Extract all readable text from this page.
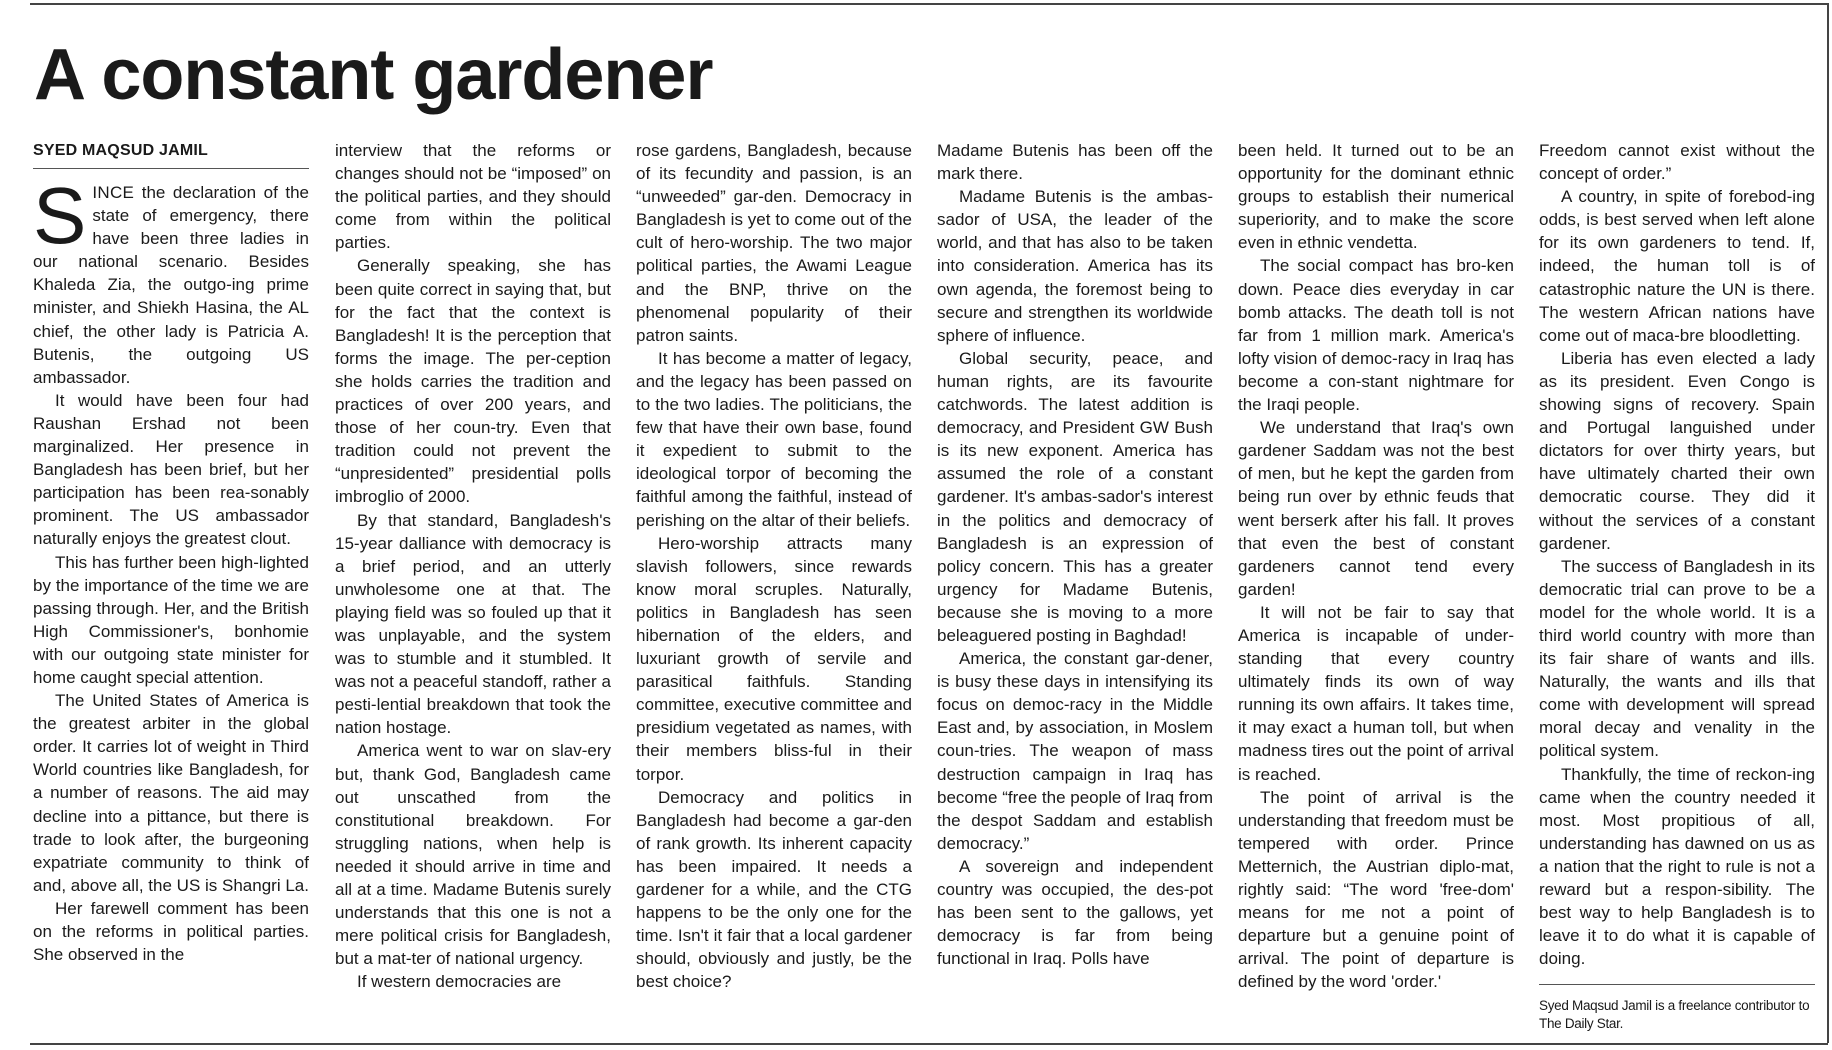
A constant gardener
SYED MAQSUD JAMIL

SINCE the declaration of the state of emergency, there have been three ladies in our national scenario. Besides Khaleda Zia, the outgo-ing prime minister, and Shiekh Hasina, the AL chief, the other lady is Patricia A. Butenis, the outgoing US ambassador.

It would have been four had Raushan Ershad not been marginalized. Her presence in Bangladesh has been brief, but her participation has been rea-sonably prominent. The US ambassador naturally enjoys the greatest clout.

This has further been high-lighted by the importance of the time we are passing through. Her, and the British High Commissioner's, bonhomie with our outgoing state minister for home caught special attention.

The United States of America is the greatest arbiter in the global order. It carries lot of weight in Third World countries like Bangladesh, for a number of reasons. The aid may decline into a pittance, but there is trade to look after, the burgeoning expatriate community to think of and, above all, the US is Shangri La.

Her farewell comment has been on the reforms in political parties. She observed in the

interview that the reforms or changes should not be “imposed” on the political parties, and they should come from within the political parties.

Generally speaking, she has been quite correct in saying that, but for the fact that the context is Bangladesh! It is the perception that forms the image. The per-ception she holds carries the tradition and practices of over 200 years, and those of her coun-try. Even that tradition could not prevent the “unpresidented” presidential polls imbroglio of 2000.

By that standard, Bangladesh's 15-year dalliance with democracy is a brief period, and an utterly unwholesome one at that. The playing field was so fouled up that it was unplayable, and the system was to stumble and it stumbled. It was not a peaceful standoff, rather a pesti-lential breakdown that took the nation hostage.

America went to war on slav-ery but, thank God, Bangladesh came out unscathed from the constitutional breakdown. For struggling nations, when help is needed it should arrive in time and all at a time. Madame Butenis surely understands that this one is not a mere political crisis for Bangladesh, but a mat-ter of national urgency.

If western democracies are

rose gardens, Bangladesh, because of its fecundity and passion, is an “unweeded” gar-den. Democracy in Bangladesh is yet to come out of the cult of hero-worship. The two major political parties, the Awami League and the BNP, thrive on the phenomenal popularity of their patron saints.

It has become a matter of legacy, and the legacy has been passed on to the two ladies. The politicians, the few that have their own base, found it expedient to submit to the ideological torpor of becoming the faithful among the faithful, instead of perishing on the altar of their beliefs.

Hero-worship attracts many slavish followers, since rewards know moral scruples. Naturally, politics in Bangladesh has seen hibernation of the elders, and luxuriant growth of servile and parasitical faithfuls. Standing committee, executive committee and presidium vegetated as names, with their members bliss-ful in their torpor.

Democracy and politics in Bangladesh had become a gar-den of rank growth. Its inherent capacity has been impaired. It needs a gardener for a while, and the CTG happens to be the only one for the time. Isn't it fair that a local gardener should, obviously and justly, be the best choice?

Madame Butenis has been off the mark there.

Madame Butenis is the ambas-sador of USA, the leader of the world, and that has also to be taken into consideration. America has its own agenda, the foremost being to secure and strengthen its worldwide sphere of influence.

Global security, peace, and human rights, are its favourite catchwords. The latest addition is democracy, and President GW Bush is its new exponent. America has assumed the role of a constant gardener. It's ambas-sador's interest in the politics and democracy of Bangladesh is an expression of policy concern. This has a greater urgency for Madame Butenis, because she is moving to a more beleaguered posting in Baghdad!

America, the constant gar-dener, is busy these days in intensifying its focus on democ-racy in the Middle East and, by association, in Moslem coun-tries. The weapon of mass destruction campaign in Iraq has become “free the people of Iraq from the despot Saddam and establish democracy.”

A sovereign and independent country was occupied, the des-pot has been sent to the gallows, yet democracy is far from being functional in Iraq. Polls have

been held. It turned out to be an opportunity for the dominant ethnic groups to establish their numerical superiority, and to make the score even in ethnic vendetta.

The social compact has bro-ken down. Peace dies everyday in car bomb attacks. The death toll is not far from 1 million mark. America's lofty vision of democ-racy in Iraq has become a con-stant nightmare for the Iraqi people.

We understand that Iraq's own gardener Saddam was not the best of men, but he kept the garden from being run over by ethnic feuds that went berserk after his fall. It proves that even the best of constant gardeners cannot tend every garden!

It will not be fair to say that America is incapable of under-standing that every country ultimately finds its own of way running its own affairs. It takes time, it may exact a human toll, but when madness tires out the point of arrival is reached.

The point of arrival is the understanding that freedom must be tempered with order. Prince Metternich, the Austrian diplo-mat, rightly said: “The word 'free-dom' means for me not a point of departure but a genuine point of arrival. The point of departure is defined by the word 'order.'

Freedom cannot exist without the concept of order.”

A country, in spite of forebod-ing odds, is best served when left alone for its own gardeners to tend. If, indeed, the human toll is of catastrophic nature the UN is there. The western African nations have come out of maca-bre bloodletting.

Liberia has even elected a lady as its president. Even Congo is showing signs of recovery. Spain and Portugal languished under dictators for over thirty years, but have ultimately charted their own democratic course. They did it without the services of a constant gardener.

The success of Bangladesh in its democratic trial can prove to be a model for the whole world. It is a third world country with more than its fair share of wants and ills. Naturally, the wants and ills that come with development will spread moral decay and venality in the political system.

Thankfully, the time of reckon-ing came when the country needed it most. Most propitious of all, understanding has dawned on us as a nation that the right to rule is not a reward but a respon-sibility. The best way to help Bangladesh is to leave it to do what it is capable of doing.

Syed Maqsud Jamil is a freelance contributor to The Daily Star.
